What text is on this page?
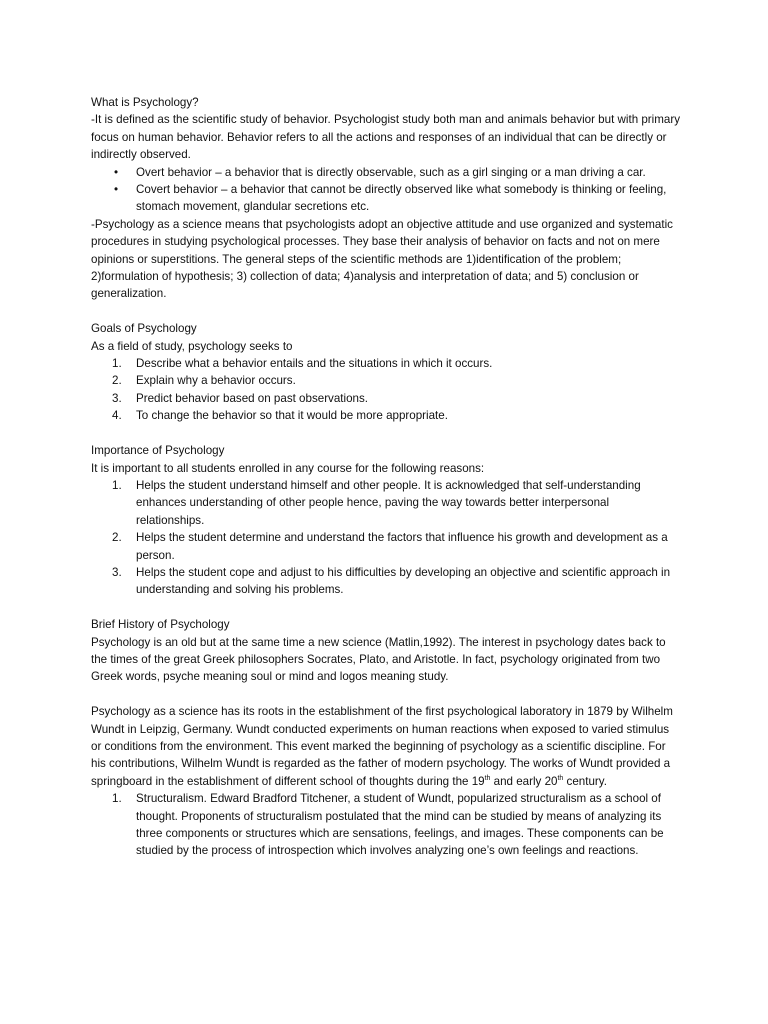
What is Psychology?

-It is defined as the scientific study of behavior. Psychologist study both man and animals behavior but with primary focus on human behavior. Behavior refers to all the actions and responses of an individual that can be directly or indirectly observed.

• Overt behavior – a behavior that is directly observable, such as a girl singing or a man driving a car.
• Covert behavior – a behavior that cannot be directly observed like what somebody is thinking or feeling, stomach movement, glandular secretions etc.

-Psychology as a science means that psychologists adopt an objective attitude and use organized and systematic procedures in studying psychological processes. They base their analysis of behavior on facts and not on mere opinions or superstitions. The general steps of the scientific methods are 1)identification of the problem; 2)formulation of hypothesis; 3) collection of data; 4)analysis and interpretation of data; and 5) conclusion or generalization.

Goals of Psychology

As a field of study, psychology seeks to

1. Describe what a behavior entails and the situations in which it occurs.
2. Explain why a behavior occurs.
3. Predict behavior based on past observations.
4. To change the behavior so that it would be more appropriate.

Importance of Psychology

It is important to all students enrolled in any course for the following reasons:

1. Helps the student understand himself and other people. It is acknowledged that self-understanding enhances understanding of other people hence, paving the way towards better interpersonal relationships.
2. Helps the student determine and understand the factors that influence his growth and development as a person.
3. Helps the student cope and adjust to his difficulties by developing an objective and scientific approach in understanding and solving his problems.

Brief History of Psychology

Psychology is an old but at the same time a new science (Matlin,1992). The interest in psychology dates back to the times of the great Greek philosophers Socrates, Plato, and Aristotle. In fact, psychology originated from two Greek words, psyche meaning soul or mind and logos meaning study.

Psychology as a science has its roots in the establishment of the first psychological laboratory in 1879 by Wilhelm Wundt in Leipzig, Germany. Wundt conducted experiments on human reactions when exposed to varied stimulus or conditions from the environment. This event marked the beginning of psychology as a scientific discipline. For his contributions, Wilhelm Wundt is regarded as the father of modern psychology. The works of Wundt provided a springboard in the establishment of different school of thoughts during the 19th and early 20th century.

1. Structuralism. Edward Bradford Titchener, a student of Wundt, popularized structuralism as a school of thought. Proponents of structuralism postulated that the mind can be studied by means of analyzing its three components or structures which are sensations, feelings, and images. These components can be studied by the process of introspection which involves analyzing one’s own feelings and reactions.
